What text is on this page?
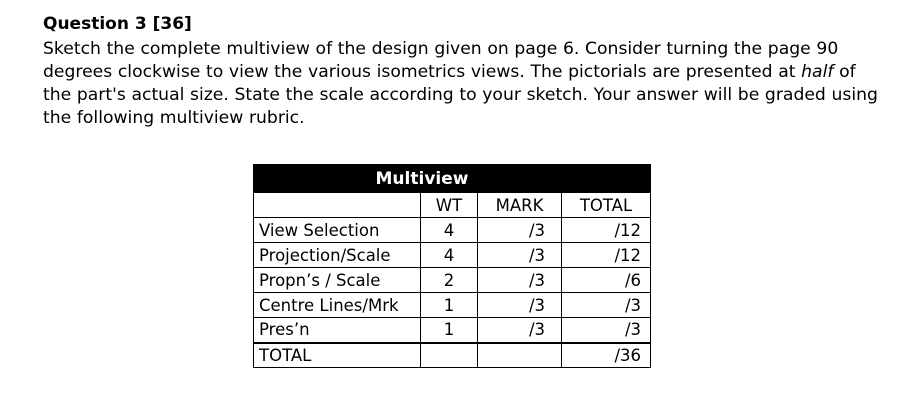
Question 3 [36]

Sketch the complete multiview of the design given on page 6. Consider turning the page 90 degrees clockwise to view the various isometrics views. The pictorials are presented at half of the part's actual size. State the scale according to your sketch. Your answer will be graded using the following multiview rubric.

Multiview			
	WT	MARK	TOTAL
View Selection	4	/3	/12
Projection/Scale	4	/3	/12
Propn’s / Scale	2	/3	/6
Centre Lines/Mrk	1	/3	/3
Pres’n	1	/3	/3
TOTAL			/36
